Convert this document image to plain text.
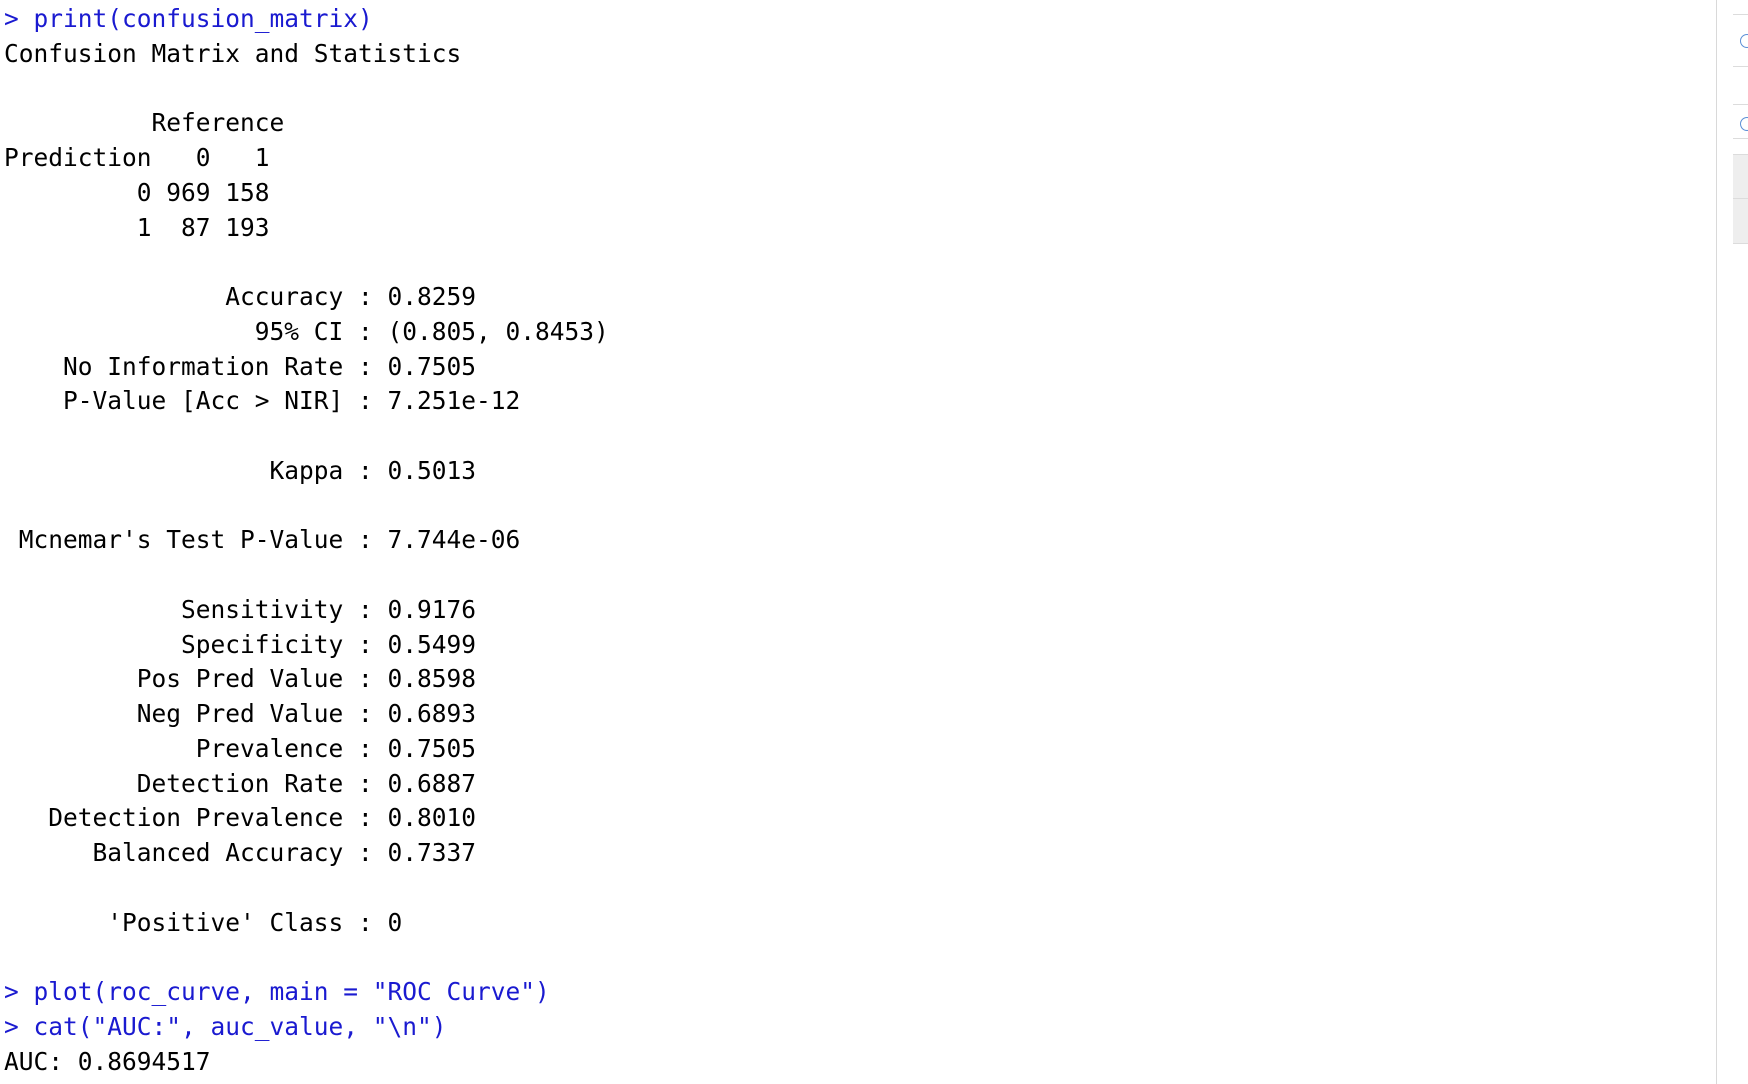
> print(confusion_matrix)
Confusion Matrix and Statistics
Reference
Prediction   0   1
0 969 158
1  87 193
Accuracy : 0.8259
95% CI : (0.805, 0.8453)
No Information Rate : 0.7505
P-Value [Acc > NIR] : 7.251e-12
Kappa : 0.5013
Mcnemar's Test P-Value : 7.744e-06
Sensitivity : 0.9176
Specificity : 0.5499
Pos Pred Value : 0.8598
Neg Pred Value : 0.6893
Prevalence : 0.7505
Detection Rate : 0.6887
Detection Prevalence : 0.8010
Balanced Accuracy : 0.7337
'Positive' Class : 0
> plot(roc_curve, main = "ROC Curve")
> cat("AUC:", auc_value, "\n")
AUC: 0.8694517
